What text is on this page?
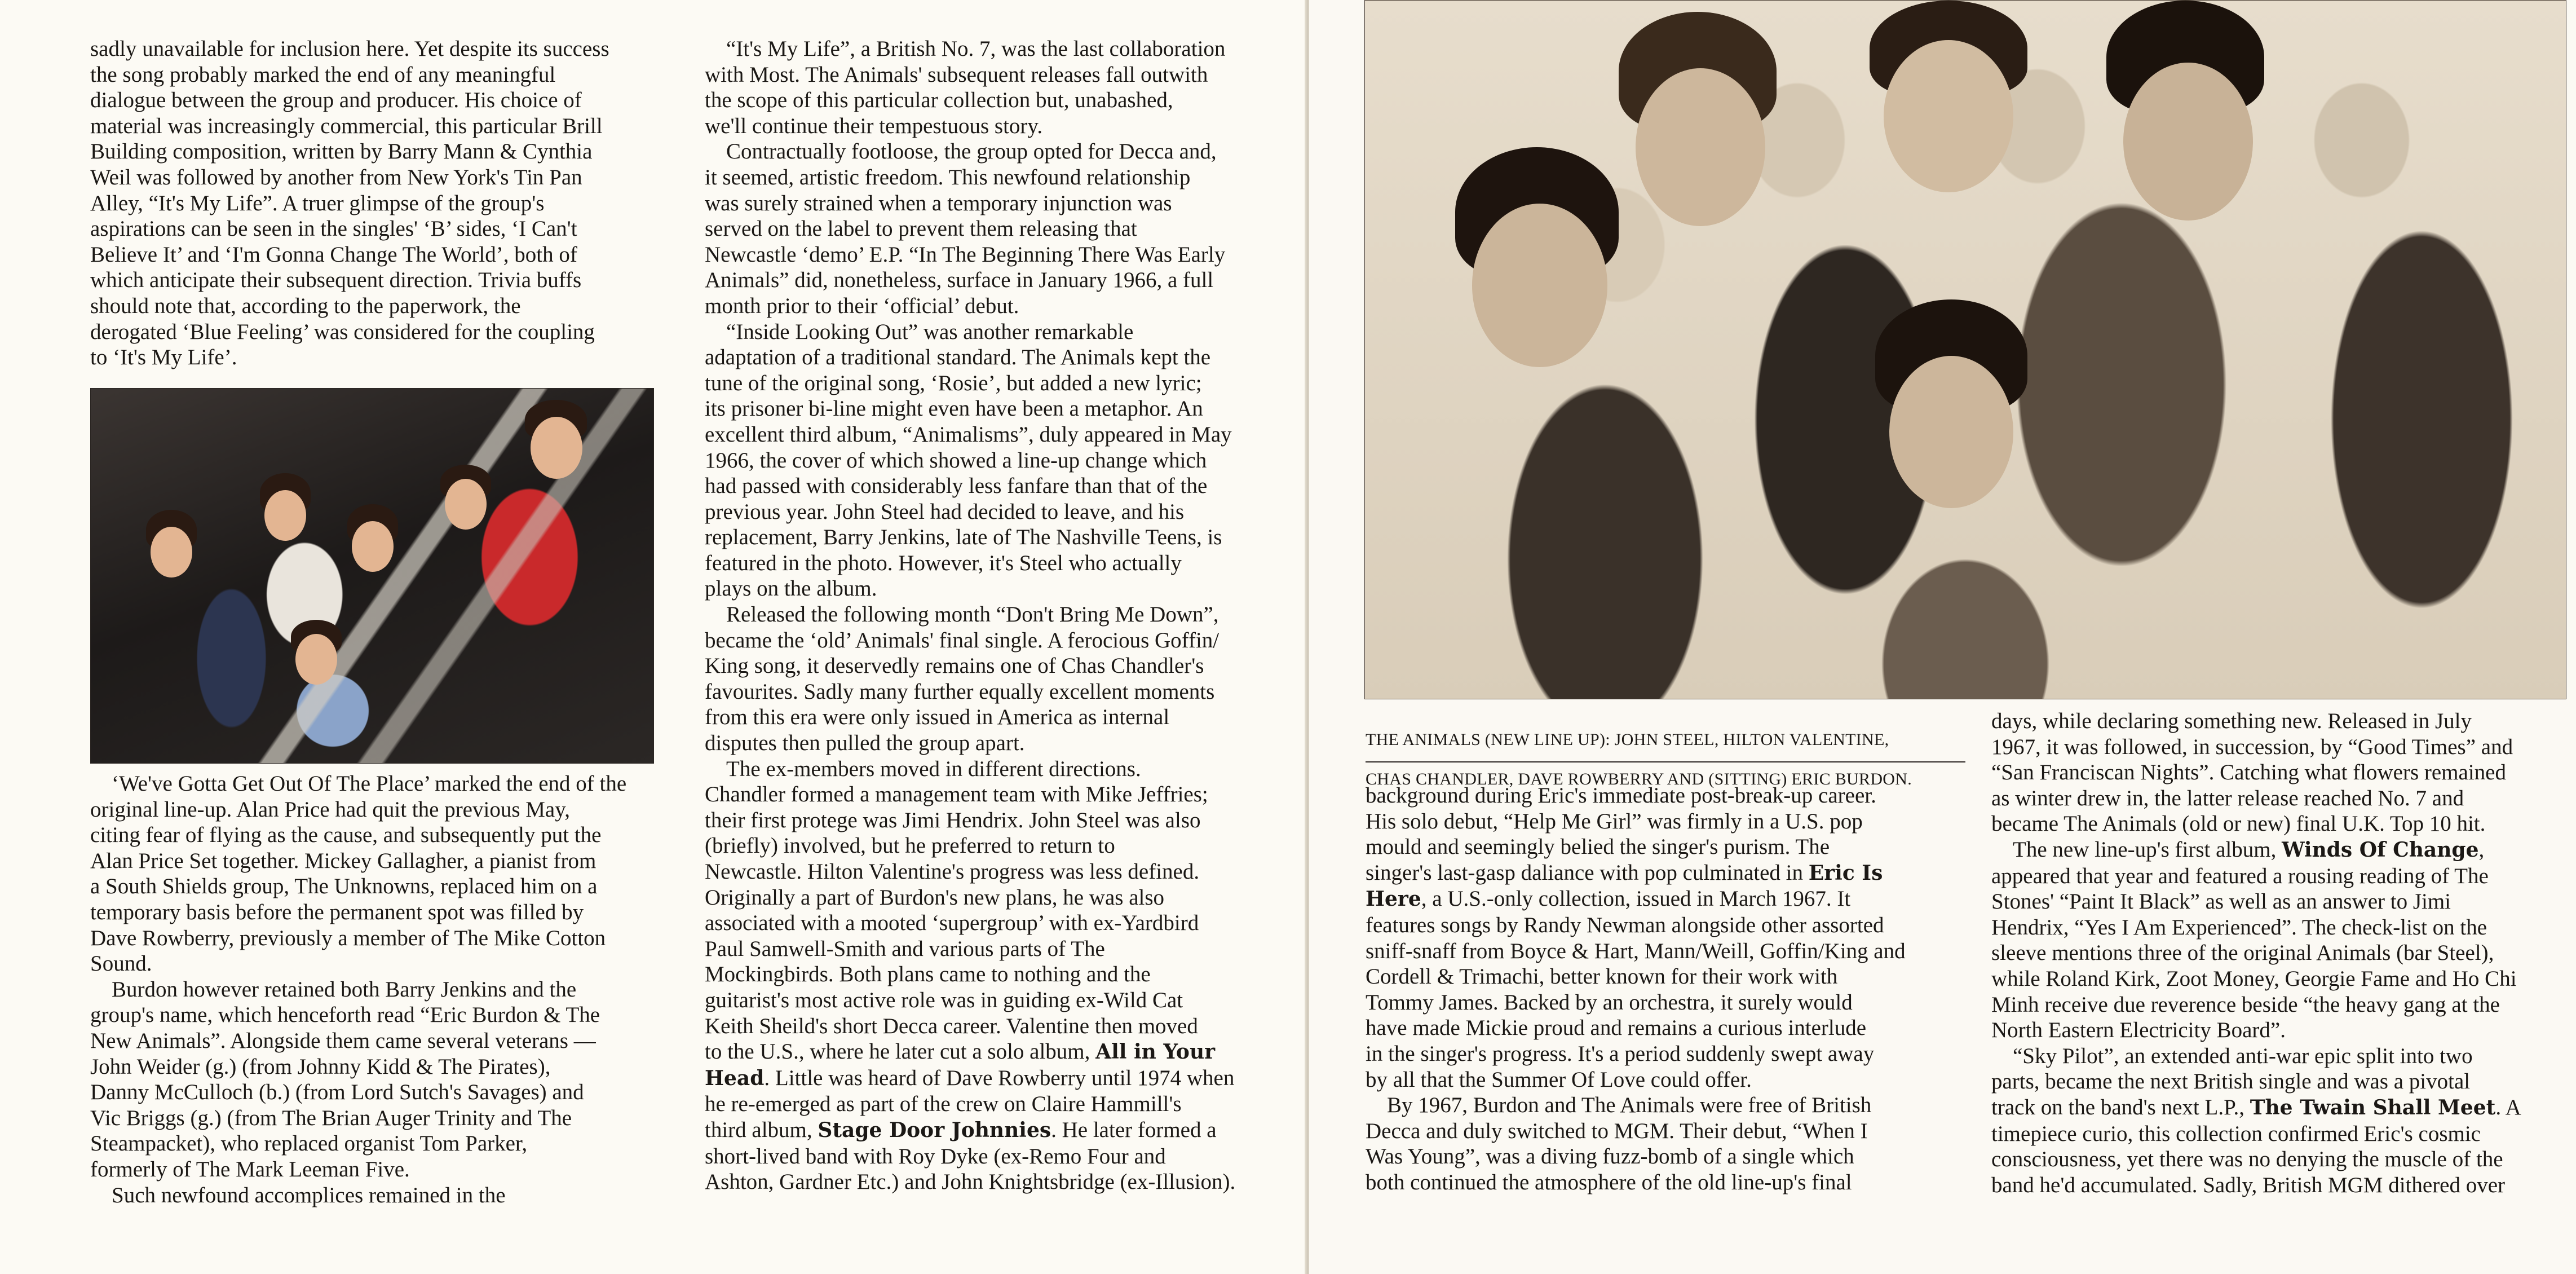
sadly unavailable for inclusion here. Yet despite its success

the song probably marked the end of any meaningful

dialogue between the group and producer. His choice of

material was increasingly commercial, this particular Brill

Building composition, written by Barry Mann & Cynthia

Weil was followed by another from New York's Tin Pan

Alley, “It's My Life”. A truer glimpse of the group's

aspirations can be seen in the singles' ‘B’ sides, ‘I Can't

Believe It’ and ‘I'm Gonna Change The World’, both of

which anticipate their subsequent direction. Trivia buffs

should note that, according to the paperwork, the

derogated ‘Blue Feeling’ was considered for the coupling

to ‘It's My Life’.

‘We've Gotta Get Out Of The Place’ marked the end of the

original line-up. Alan Price had quit the previous May,

citing fear of flying as the cause, and subsequently put the

Alan Price Set together. Mickey Gallagher, a pianist from

a South Shields group, The Unknowns, replaced him on a

temporary basis before the permanent spot was filled by

Dave Rowberry, previously a member of The Mike Cotton

Sound.

Burdon however retained both Barry Jenkins and the

group's name, which henceforth read “Eric Burdon & The

New Animals”. Alongside them came several veterans —

John Weider (g.) (from Johnny Kidd & The Pirates),

Danny McCulloch (b.) (from Lord Sutch's Savages) and

Vic Briggs (g.) (from The Brian Auger Trinity and The

Steampacket), who replaced organist Tom Parker,

formerly of The Mark Leeman Five.

Such newfound accomplices remained in the

“It's My Life”, a British No. 7, was the last collaboration

with Most. The Animals' subsequent releases fall outwith

the scope of this particular collection but, unabashed,

we'll continue their tempestuous story.

Contractually footloose, the group opted for Decca and,

it seemed, artistic freedom. This newfound relationship

was surely strained when a temporary injunction was

served on the label to prevent them releasing that

Newcastle ‘demo’ E.P. “In The Beginning There Was Early

Animals” did, nonetheless, surface in January 1966, a full

month prior to their ‘official’ debut.

“Inside Looking Out” was another remarkable

adaptation of a traditional standard. The Animals kept the

tune of the original song, ‘Rosie’, but added a new lyric;

its prisoner bi-line might even have been a metaphor. An

excellent third album, “Animalisms”, duly appeared in May

1966, the cover of which showed a line-up change which

had passed with considerably less fanfare than that of the

previous year. John Steel had decided to leave, and his

replacement, Barry Jenkins, late of The Nashville Teens, is

featured in the photo. However, it's Steel who actually

plays on the album.

Released the following month “Don't Bring Me Down”,

became the ‘old’ Animals' final single. A ferocious Goffin/

King song, it deservedly remains one of Chas Chandler's

favourites. Sadly many further equally excellent moments

from this era were only issued in America as internal

disputes then pulled the group apart.

The ex-members moved in different directions.

Chandler formed a management team with Mike Jeffries;

their first protege was Jimi Hendrix. John Steel was also

(briefly) involved, but he preferred to return to

Newcastle. Hilton Valentine's progress was less defined.

Originally a part of Burdon's new plans, he was also

associated with a mooted ‘supergroup’ with ex-Yardbird

Paul Samwell-Smith and various parts of The

Mockingbirds. Both plans came to nothing and the

guitarist's most active role was in guiding ex-Wild Cat

Keith Sheild's short Decca career. Valentine then moved

to the U.S., where he later cut a solo album, All in Your

Head. Little was heard of Dave Rowberry until 1974 when

he re-emerged as part of the crew on Claire Hammill's

third album, Stage Door Johnnies. He later formed a

short-lived band with Roy Dyke (ex-Remo Four and

Ashton, Gardner Etc.) and John Knightsbridge (ex-Illusion).

THE ANIMALS (NEW LINE UP): JOHN STEEL, HILTON VALENTINE,

CHAS CHANDLER, DAVE ROWBERRY AND (SITTING) ERIC BURDON.

background during Eric's immediate post-break-up career.

His solo debut, “Help Me Girl” was firmly in a U.S. pop

mould and seemingly belied the singer's purism. The

singer's last-gasp daliance with pop culminated in Eric Is

Here, a U.S.-only collection, issued in March 1967. It

features songs by Randy Newman alongside other assorted

sniff-snaff from Boyce & Hart, Mann/Weill, Goffin/King and

Cordell & Trimachi, better known for their work with

Tommy James. Backed by an orchestra, it surely would

have made Mickie proud and remains a curious interlude

in the singer's progress. It's a period suddenly swept away

by all that the Summer Of Love could offer.

By 1967, Burdon and The Animals were free of British

Decca and duly switched to MGM. Their debut, “When I

Was Young”, was a diving fuzz-bomb of a single which

both continued the atmosphere of the old line-up's final

days, while declaring something new. Released in July

1967, it was followed, in succession, by “Good Times” and

“San Franciscan Nights”. Catching what flowers remained

as winter drew in, the latter release reached No. 7 and

became The Animals (old or new) final U.K. Top 10 hit.

The new line-up's first album, Winds Of Change,

appeared that year and featured a rousing reading of The

Stones' “Paint It Black” as well as an answer to Jimi

Hendrix, “Yes I Am Experienced”. The check-list on the

sleeve mentions three of the original Animals (bar Steel),

while Roland Kirk, Zoot Money, Georgie Fame and Ho Chi

Minh receive due reverence beside “the heavy gang at the

North Eastern Electricity Board”.

“Sky Pilot”, an extended anti-war epic split into two

parts, became the next British single and was a pivotal

track on the band's next L.P., The Twain Shall Meet. A

timepiece curio, this collection confirmed Eric's cosmic

consciousness, yet there was no denying the muscle of the

band he'd accumulated. Sadly, British MGM dithered over
